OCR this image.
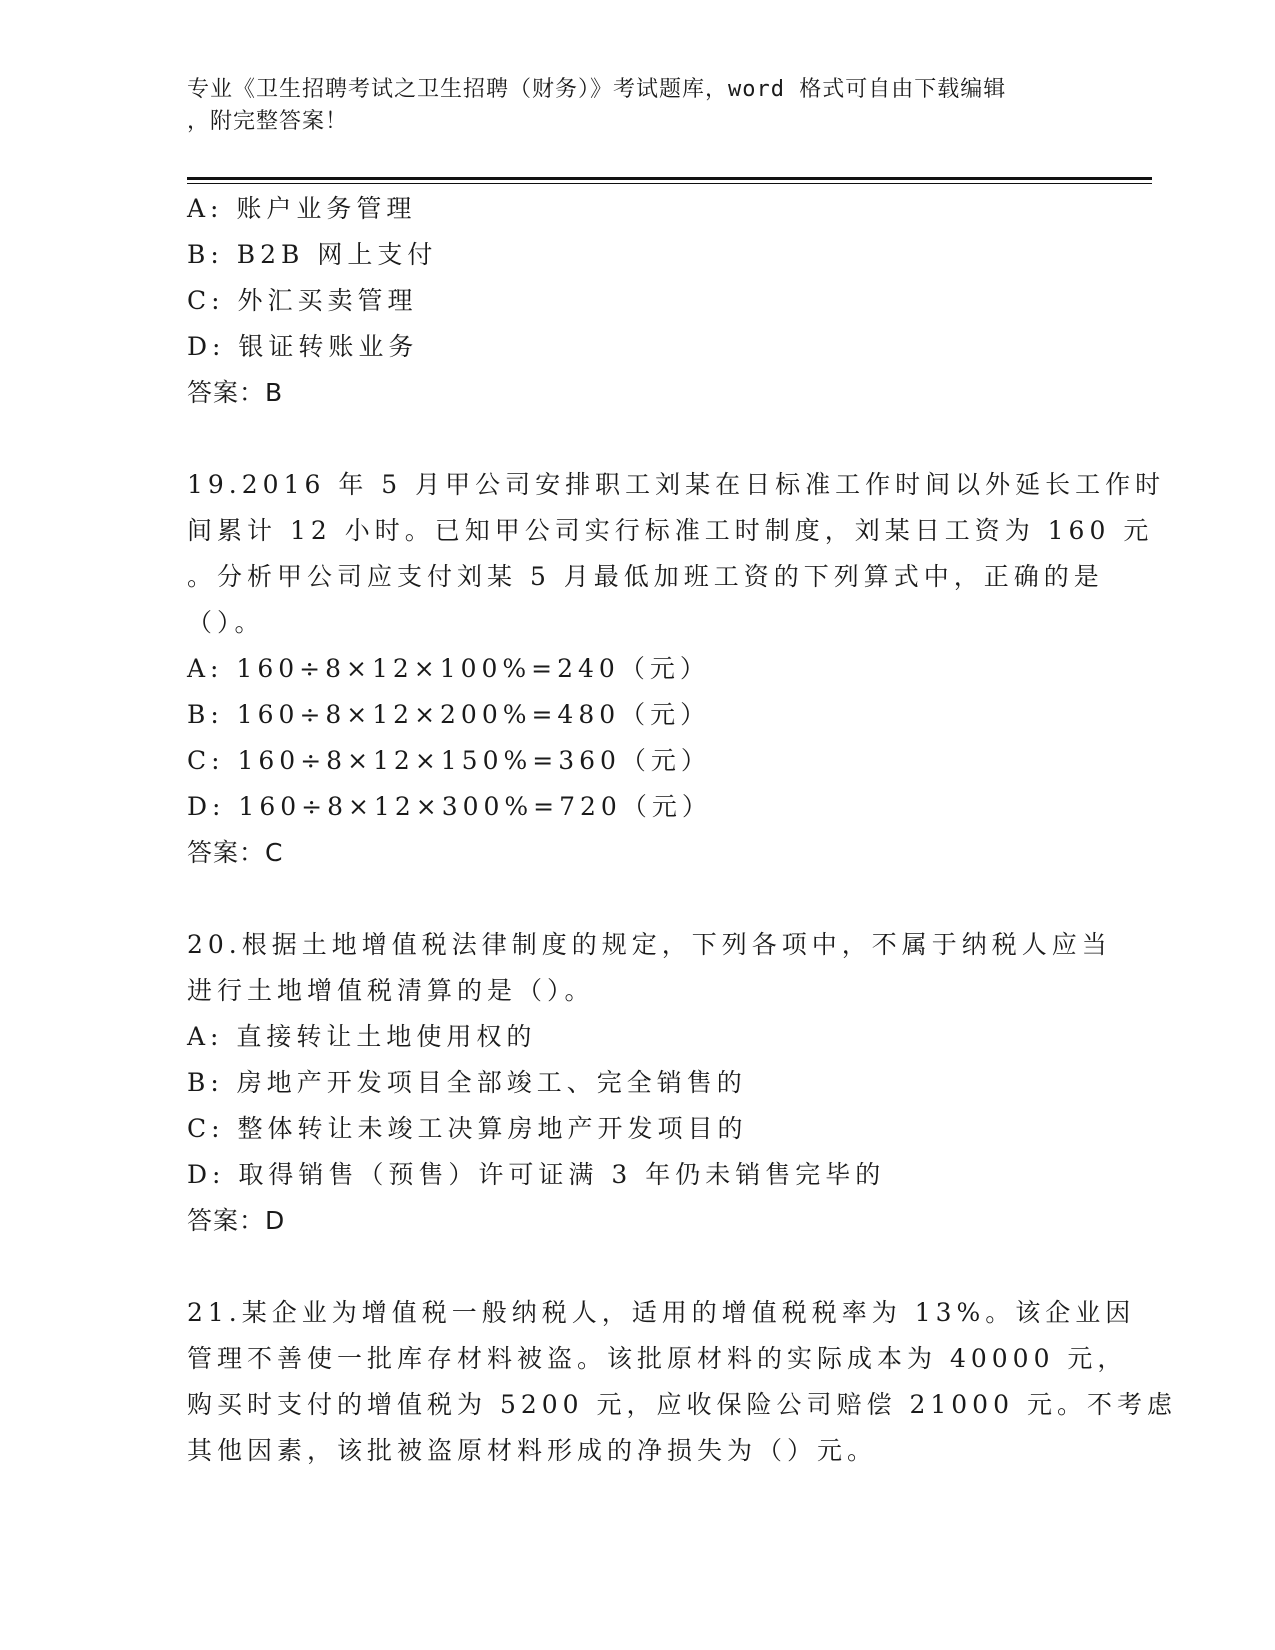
专业《卫生招聘考试之卫生招聘（财务）》考试题库，word 格式可自由下载编辑
，附完整答案！
A: 账户业务管理
B: B2B 网上支付
C: 外汇买卖管理
D: 银证转账业务
答案：B
19.2016 年 5 月甲公司安排职工刘某在日标准工作时间以外延长工作时
间累计 12 小时。已知甲公司实行标准工时制度，刘某日工资为 160 元
。分析甲公司应支付刘某 5 月最低加班工资的下列算式中，正确的是
（）。
A: 160÷8×12×100%=240（元）
B: 160÷8×12×200%=480（元）
C: 160÷8×12×150%=360（元）
D: 160÷8×12×300%=720（元）
答案：C
20.根据土地增值税法律制度的规定，下列各项中，不属于纳税人应当
进行土地增值税清算的是（）。
A: 直接转让土地使用权的
B: 房地产开发项目全部竣工、完全销售的
C: 整体转让未竣工决算房地产开发项目的
D: 取得销售（预售）许可证满 3 年仍未销售完毕的
答案：D
21.某企业为增值税一般纳税人，适用的增值税税率为 13%。该企业因
管理不善使一批库存材料被盗。该批原材料的实际成本为 40000 元，
购买时支付的增值税为 5200 元，应收保险公司赔偿 21000 元。不考虑
其他因素，该批被盗原材料形成的净损失为（）元。
